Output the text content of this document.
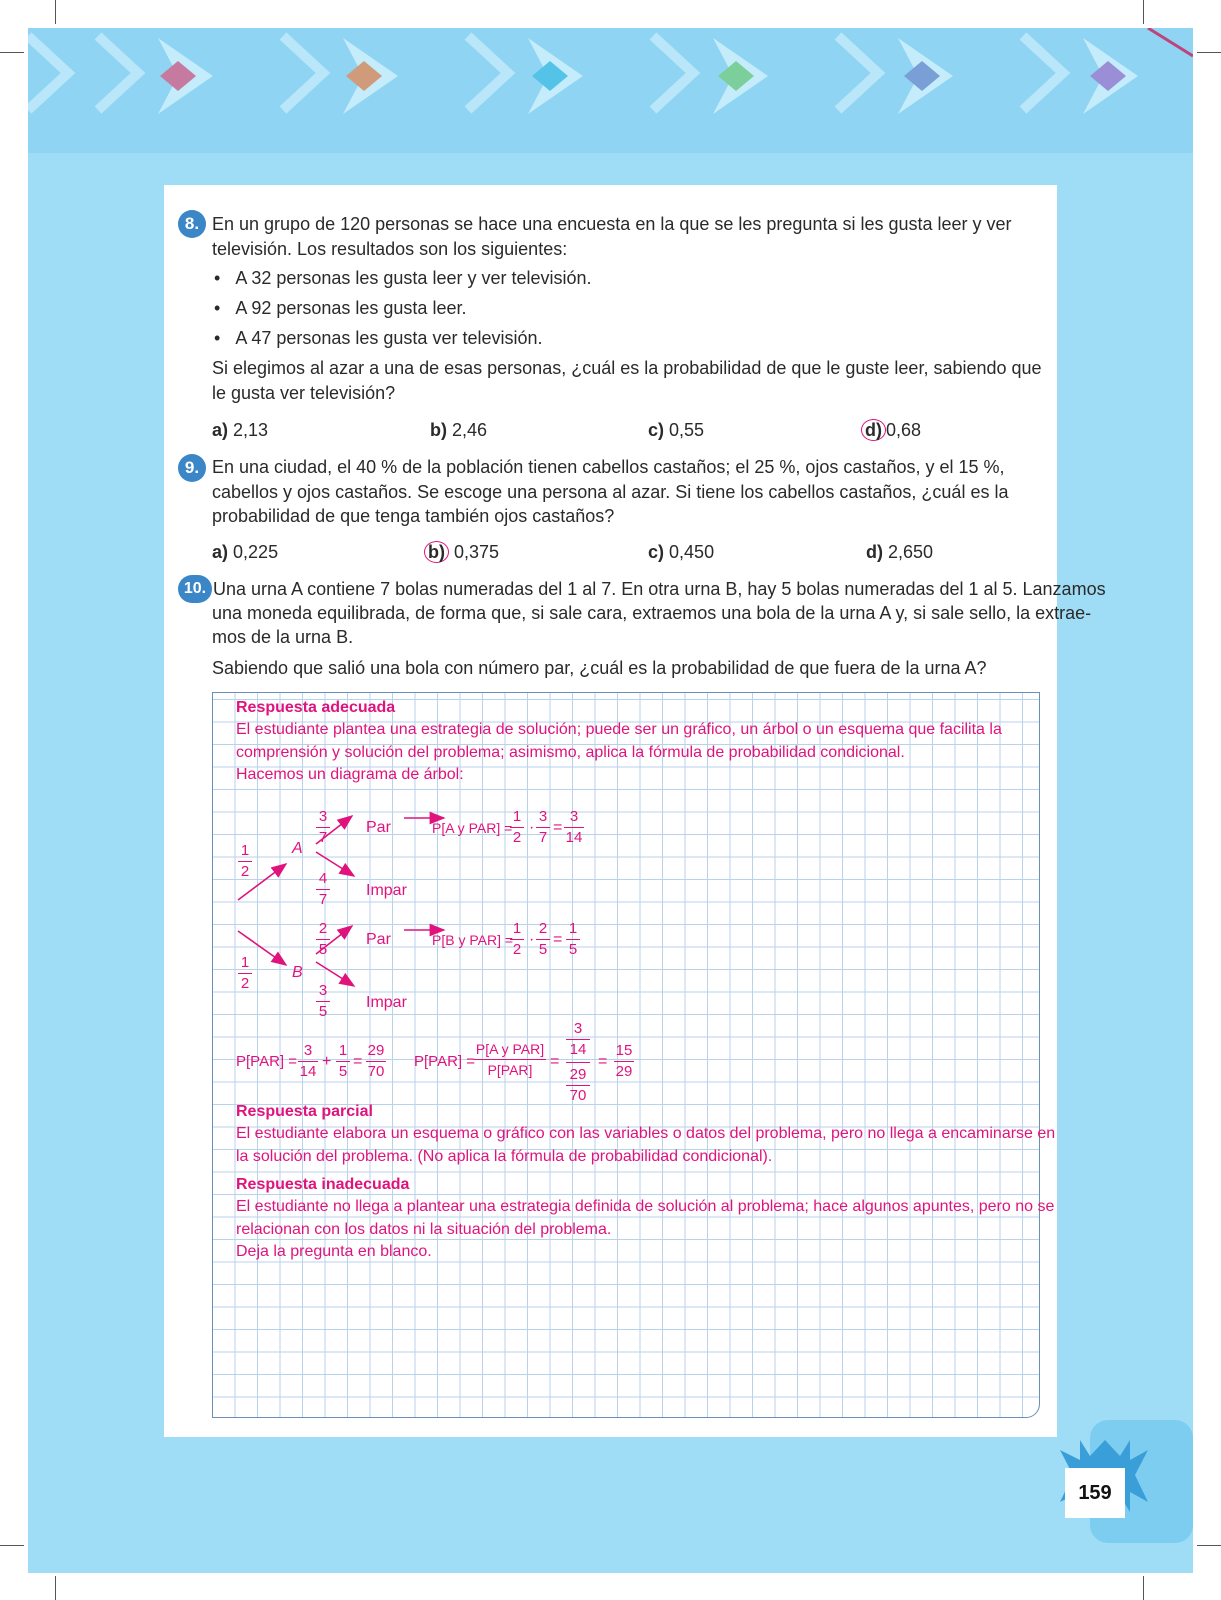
8. En un grupo de 120 personas se hace una encuesta en la que se les pregunta si les gusta leer y ver televisión. Los resultados son los siguientes:
•   A 32 personas les gusta leer y ver televisión.
•   A 92 personas les gusta leer.
•   A 47 personas les gusta ver televisión.
Si elegimos al azar a una de esas personas, ¿cuál es la probabilidad de que le guste leer, sabiendo que le gusta ver televisión?
a) 2,13	b) 2,46	c) 0,55	d) 0,68
9. En una ciudad, el 40 % de la población tienen cabellos castaños; el 25 %, ojos castaños, y el 15 %, cabellos y ojos castaños. Se escoge una persona al azar. Si tiene los cabellos castaños, ¿cuál es la probabilidad de que tenga también ojos castaños?
a) 0,225	b) 0,375	c) 0,450	d) 2,650
10. Una urna A contiene 7 bolas numeradas del 1 al 7. En otra urna B, hay 5 bolas numeradas del 1 al 5. Lanzamos
una moneda equilibrada, de forma que, si sale cara, extraemos una bola de la urna A y, si sale sello, la extrae-
mos de la urna B.
Sabiendo que salió una bola con número par, ¿cuál es la probabilidad de que fuera de la urna A?
Respuesta adecuada
El estudiante plantea una estrategia de solución; puede ser un gráfico, un árbol o un esquema que facilita la
comprensión y solución del problema; asimismo, aplica la fórmula de probabilidad condicional.
Hacemos un diagrama de árbol:
1
2
1
2
A
B
3
7
4
7
2
5
3
5
Par
Impar
Par
Impar
P[A y PAR] =
1
2
·
3
7
=
3
14
P[B y PAR] =
1
2
·
2
5
=
1
5
P[PAR] =
3
14
+
1
5
=
29
70
P[PAR] =
P[A y PAR]
P[PAR]	=
3
14
29
70
=
15
29
Respuesta parcial
El estudiante elabora un esquema o gráfico con las variables o datos del problema, pero no llega a encaminarse en
la solución del problema. (No aplica la fórmula de probabilidad condicional).
Respuesta inadecuada
El estudiante no llega a plantear una estrategia definida de solución al problema; hace algunos apuntes, pero no se
relacionan con los datos ni la situación del problema.
Deja la pregunta en blanco.
159
